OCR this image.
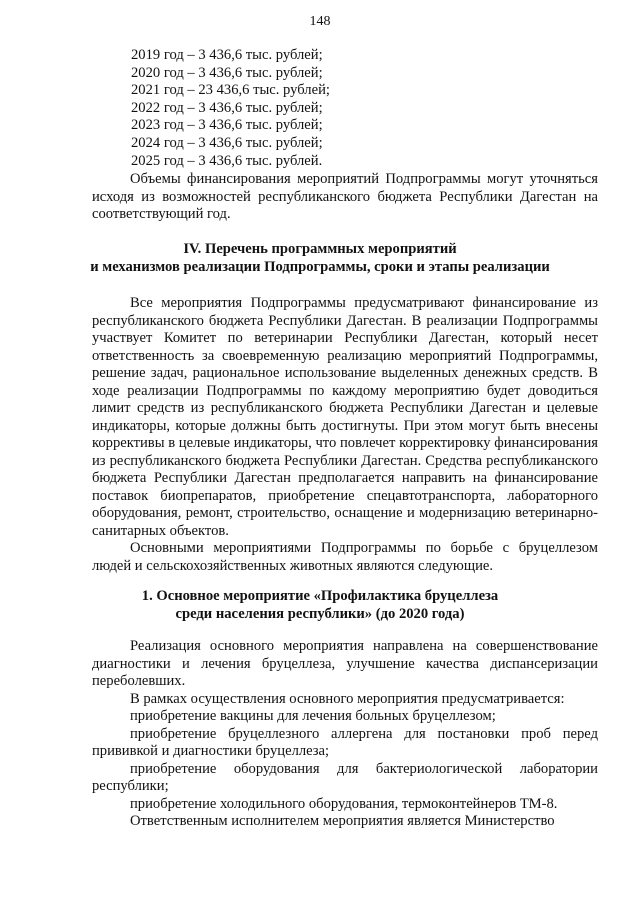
148
2019 год – 3 436,6 тыс. рублей;
2020 год – 3 436,6 тыс. рублей;
2021 год – 23 436,6 тыс. рублей;
2022 год – 3 436,6 тыс. рублей;
2023 год – 3 436,6 тыс. рублей;
2024 год – 3 436,6 тыс. рублей;
2025 год – 3 436,6 тыс. рублей.

Объемы финансирования мероприятий Подпрограммы могут уточняться исходя из возможностей республиканского бюджета Республики Дагестан на соответствующий год.

IV. Перечень программных мероприятий
и механизмов реализации Подпрограммы, сроки и этапы реализации

Все мероприятия Подпрограммы предусматривают финансирование из республиканского бюджета Республики Дагестан. В реализации Подпрограммы участвует Комитет по ветеринарии Республики Дагестан, который несет ответственность за своевременную реализацию мероприятий Подпрограммы, решение задач, рациональное использование выделенных денежных средств. В ходе реализации Подпрограммы по каждому мероприятию будет доводиться лимит средств из республиканского бюджета Республики Дагестан и целевые индикаторы, которые должны быть достигнуты. При этом могут быть внесены коррективы в целевые индикаторы, что повлечет корректировку финансирования из республиканского бюджета Республики Дагестан. Средства республиканского бюджета Республики Дагестан предполагается направить на финансирование поставок биопрепаратов, приобретение спецавтотранспорта, лабораторного оборудования, ремонт, строительство, оснащение и модернизацию ветеринарно-санитарных объектов.

Основными мероприятиями Подпрограммы по борьбе с бруцеллезом людей и сельскохозяйственных животных являются следующие.

1. Основное мероприятие «Профилактика бруцеллеза
среди населения республики» (до 2020 года)

Реализация основного мероприятия направлена на совершенствование диагностики и лечения бруцеллеза, улучшение качества диспансеризации переболевших.

В рамках осуществления основного мероприятия предусматривается:

приобретение вакцины для лечения больных бруцеллезом;

приобретение бруцеллезного аллергена для постановки проб перед прививкой и диагностики бруцеллеза;

приобретение оборудования для бактериологической лаборатории республики;

приобретение холодильного оборудования, термоконтейнеров ТМ-8.

Ответственным исполнителем мероприятия является Министерство
